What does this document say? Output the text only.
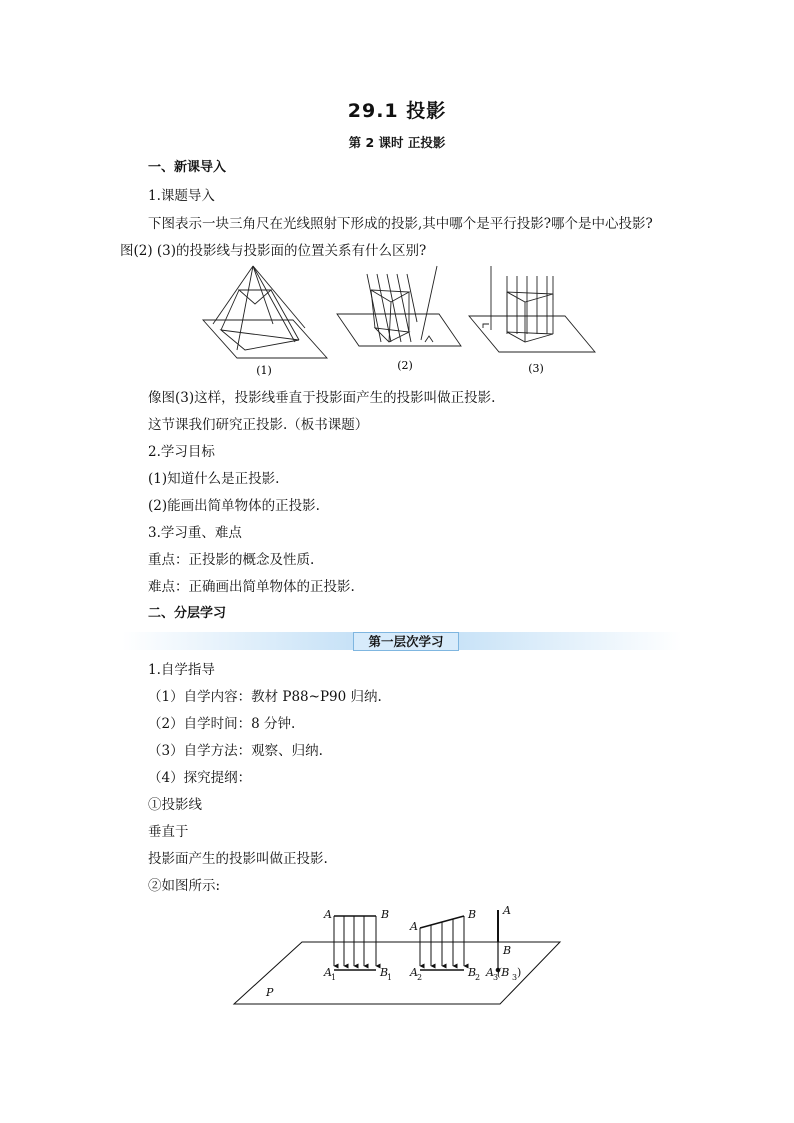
29.1 投影
第 2 课时 正投影
一、新课导入
1.课题导入
下图表示一块三角尺在光线照射下形成的投影,其中哪个是平行投影?哪个是中心投影?
图(2) (3)的投影线与投影面的位置关系有什么区别?
(1)	(2)	(3)
像图(3)这样，投影线垂直于投影面产生的投影叫做正投影.
这节课我们研究正投影.（板书课题）
2.学习目标
(1)知道什么是正投影.
(2)能画出简单物体的正投影.
3.学习重、难点
重点：正投影的概念及性质.
难点：正确画出简单物体的正投影.
二、分层学习
第一层次学习
1.自学指导
（1）自学内容：教材 P88~P90 归纳.
（2）自学时间：8 分钟.
（3）自学方法：观察、归纳.
（4）探究提纲：
①投影线
垂直于
投影面产生的投影叫做正投影.
②如图所示:
A	B
A 1	B
1
A
B
A 2	B
2
A
B
A 3
(B 3 )
P
